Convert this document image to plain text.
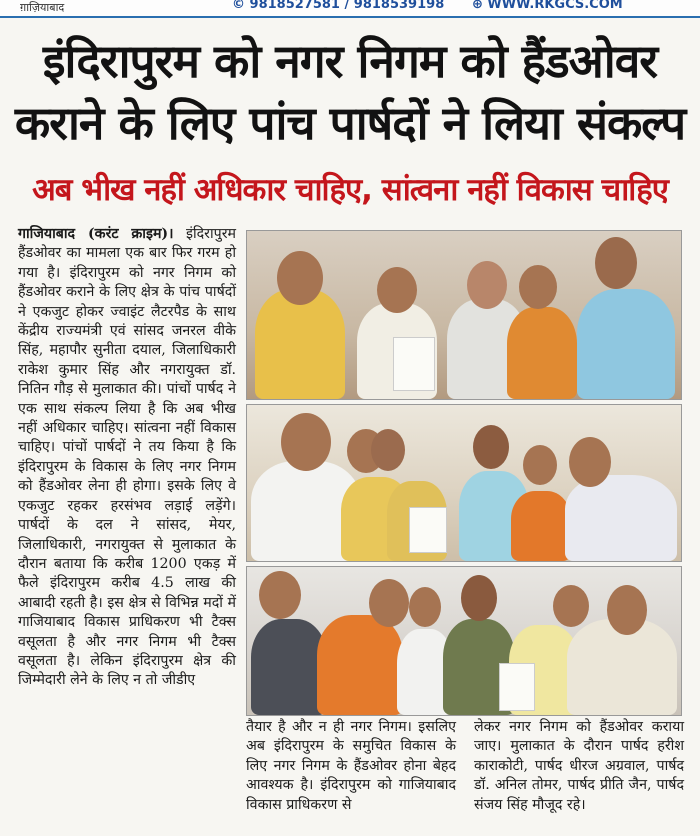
ग़ाज़ियाबाद	© 9818527581 / 9818539198 ⊕ WWW.RKGCS.COM
इंदिरापुरम को नगर निगम को हैंडओवर कराने के लिए पांच पार्षदों ने लिया संकल्प
अब भीख नहीं अधिकार चाहिए, सांत्वना नहीं विकास चाहिए

गाजियाबाद (करंट क्राइम)। इंदिरापुरम हैंडओवर का मामला एक बार फिर गरम हो गया है। इंदिरापुरम को नगर निगम को हैंडओवर कराने के लिए क्षेत्र के पांच पार्षदों ने एकजुट होकर ज्वाइंट लैटरपैड के साथ केंद्रीय राज्यमंत्री एवं सांसद जनरल वीके सिंह, महापौर सुनीता दयाल, जिलाधिकारी राकेश कुमार सिंह और नगरायुक्त डॉ. नितिन गौड़ से मुलाकात की। पांचों पार्षद ने एक साथ संकल्प लिया है कि अब भीख नहीं अधिकार चाहिए। सांत्वना नहीं विकास चाहिए। पांचों पार्षदों ने तय किया है कि इंदिरापुरम के विकास के लिए नगर निगम को हैंडओवर लेना ही होगा। इसके लिए वे एकजुट रहकर हरसंभव लड़ाई लड़ेंगे। पार्षदों के दल ने सांसद, मेयर, जिलाधिकारी, नगरायुक्त से मुलाकात के दौरान बताया कि करीब 1200 एकड़ में फैले इंदिरापुरम करीब 4.5 लाख की आबादी रहती है। इस क्षेत्र से विभिन्न मदों में गाजियाबाद विकास प्राधिकरण भी टैक्स वसूलता है और नगर निगम भी टैक्स वसूलता है। लेकिन इंदिरापुरम क्षेत्र की जिम्मेदारी लेने के लिए न तो जीडीए

तैयार है और न ही नगर निगम। इसलिए अब इंदिरापुरम के समुचित विकास के लिए नगर निगम के हैंडओवर होना बेहद आवश्यक है। इंदिरापुरम को गाजियाबाद विकास प्राधिकरण से

लेकर नगर निगम को हैंडओवर कराया जाए। मुलाकात के दौरान पार्षद हरीश काराकोटी, पार्षद धीरज अग्रवाल, पार्षद डॉ. अनिल तोमर, पार्षद प्रीति जैन, पार्षद संजय सिंह मौजूद रहे।
